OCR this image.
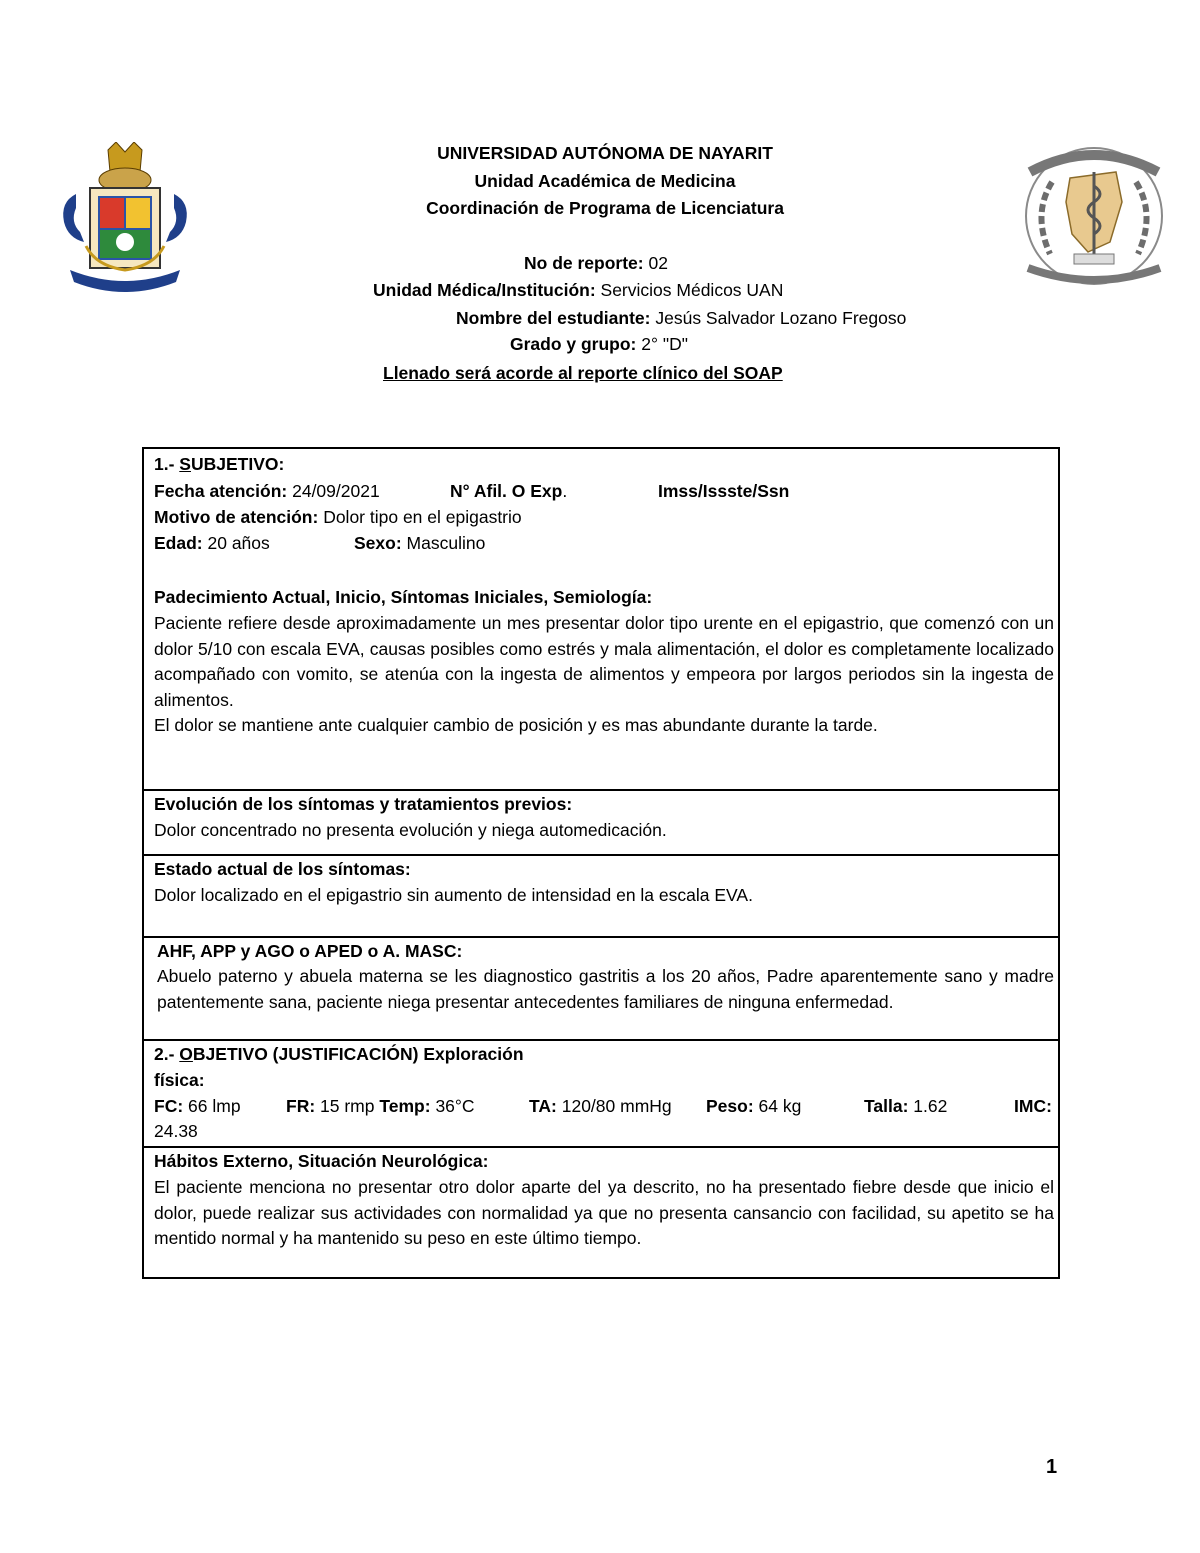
UNIVERSIDAD AUTÓNOMA DE NAYARIT
Unidad Académica de Medicina
Coordinación de Programa de Licenciatura
No de reporte: 02
Unidad Médica/Institución: Servicios Médicos UAN
Nombre del estudiante: Jesús Salvador Lozano Fregoso
Grado y grupo: 2° "D"
Llenado será acorde al reporte clínico del SOAP
1.- SUBJETIVO:
Fecha atención: 24/09/2021	N° Afil. O Exp.	Imss/Issste/Ssn
Motivo de atención: Dolor tipo en el epigastrio
Edad: 20 años	Sexo: Masculino
Padecimiento Actual, Inicio, Síntomas Iniciales, Semiología:
Paciente refiere desde aproximadamente un mes presentar dolor tipo urente en el epigastrio, que comenzó con un dolor 5/10 con escala EVA, causas posibles como estrés y mala alimentación, el dolor es completamente localizado acompañado con vomito, se atenúa con la ingesta de alimentos y empeora por largos periodos sin la ingesta de alimentos.
El dolor se mantiene ante cualquier cambio de posición y es mas abundante durante la tarde.
Evolución de los síntomas y tratamientos previos:
Dolor concentrado no presenta evolución y niega automedicación.
Estado actual de los síntomas:
Dolor localizado en el epigastrio sin aumento de intensidad en la escala EVA.
AHF, APP y AGO o APED o A. MASC:
Abuelo paterno y abuela materna se les diagnostico gastritis a los 20 años, Padre aparentemente sano y madre patentemente sana, paciente niega presentar antecedentes familiares de ninguna enfermedad.
2.- OBJETIVO (JUSTIFICACIÓN) Exploración
física:
FC: 66 lmp	FR: 15 rmp Temp: 36°C	TA: 120/80 mmHg Peso: 64 kg	Talla: 1.62	IMC:
24.38
Hábitos Externo, Situación Neurológica:
El paciente menciona no presentar otro dolor aparte del ya descrito, no ha presentado fiebre desde que inicio el dolor, puede realizar sus actividades con normalidad ya que no presenta cansancio con facilidad, su apetito se ha mentido normal y ha mantenido su peso en este último tiempo.
1
